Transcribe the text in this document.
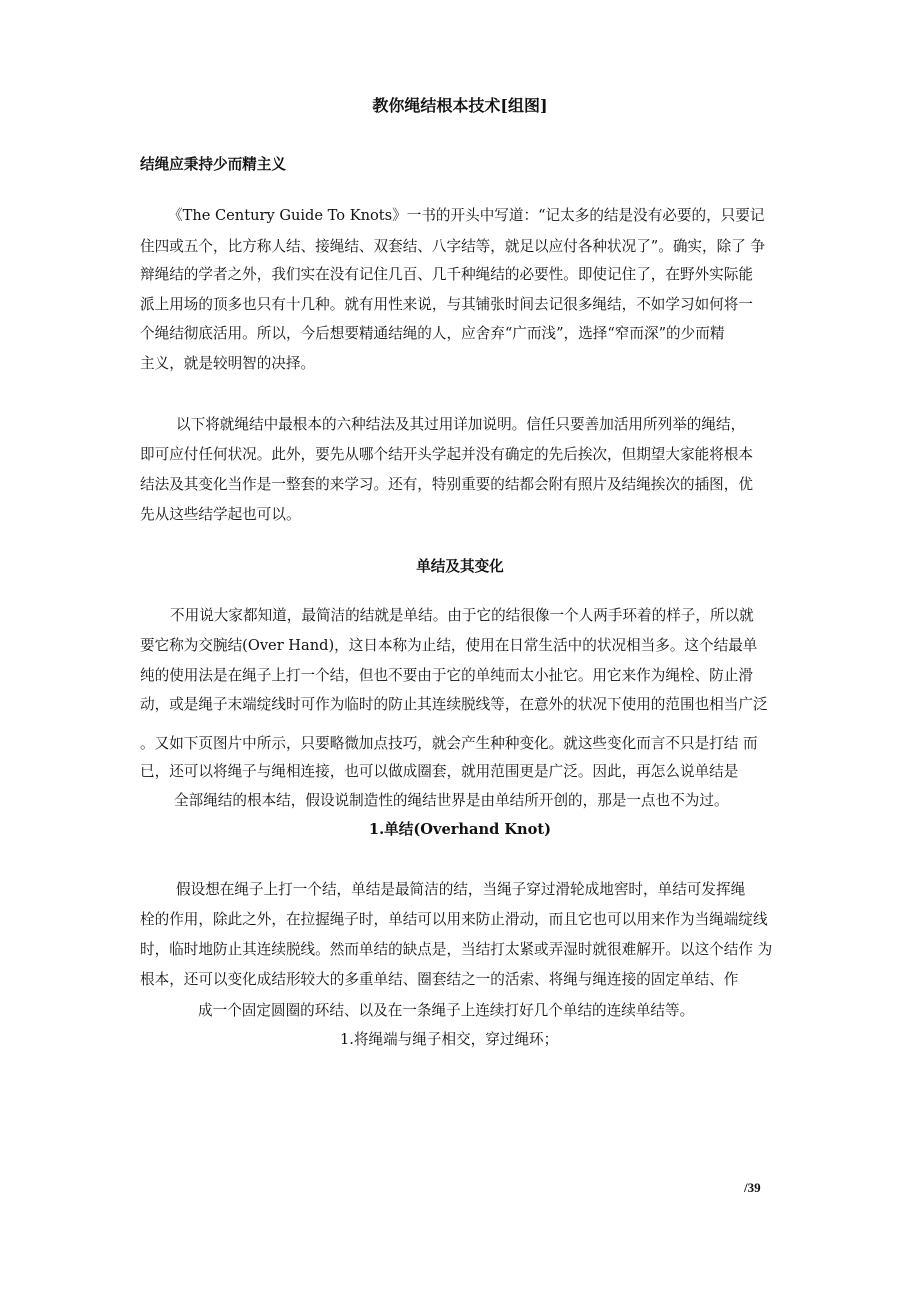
教你绳结根本技术[组图]
结绳应秉持少而精主义
《The Century Guide To Knots》一书的开头中写道：“记太多的结是没有必要的，只要记
住四或五个，比方称人结、接绳结、双套结、八字结等，就足以应付各种状况了”。确实，除了 争
辩绳结的学者之外，我们实在没有记住几百、几千种绳结的必要性。即使记住了，在野外实际能
派上用场的顶多也只有十几种。就有用性来说，与其铺张时间去记很多绳结，不如学习如何将一
个绳结彻底活用。所以，今后想要精通结绳的人，应舍弃“广而浅”，选择“窄而深”的少而精
主义，就是较明智的决择。
以下将就绳结中最根本的六种结法及其过用详加说明。信任只要善加活用所列举的绳结，
即可应付任何状况。此外，要先从哪个结开头学起并没有确定的先后挨次，但期望大家能将根本
结法及其变化当作是一整套的来学习。还有，特别重要的结都会附有照片及结绳挨次的插图，优
先从这些结学起也可以。
单结及其变化
不用说大家都知道，最简洁的结就是单结。由于它的结很像一个人两手环着的样子，所以就
要它称为交腕结(Over Hand)，这日本称为止结，使用在日常生活中的状况相当多。这个结最单
纯的使用法是在绳子上打一个结，但也不要由于它的单纯而太小扯它。用它来作为绳栓、防止滑
动，或是绳子末端绽线时可作为临时的防止其连续脱线等，在意外的状况下使用的范围也相当广泛
。又如下页图片中所示，只要略微加点技巧，就会产生种种变化。就这些变化而言不只是打结 而
已，还可以将绳子与绳相连接，也可以做成圈套，就用范围更是广泛。因此，再怎么说单结是
全部绳结的根本结，假设说制造性的绳结世界是由单结所开创的，那是一点也不为过。
1.单结(Overhand Knot)
假设想在绳子上打一个结，单结是最简洁的结，当绳子穿过滑轮成地窖时，单结可发挥绳
栓的作用，除此之外，在拉握绳子时，单结可以用来防止滑动，而且它也可以用来作为当绳端绽线
时，临时地防止其连续脱线。然而单结的缺点是，当结打太紧或弄湿时就很难解开。以这个结作 为
根本，还可以变化成结形较大的多重单结、圈套结之一的活索、将绳与绳连接的固定单结、作
成一个固定圆圈的环结、以及在一条绳子上连续打好几个单结的连续单结等。
1.将绳端与绳子相交，穿过绳环；
/39
